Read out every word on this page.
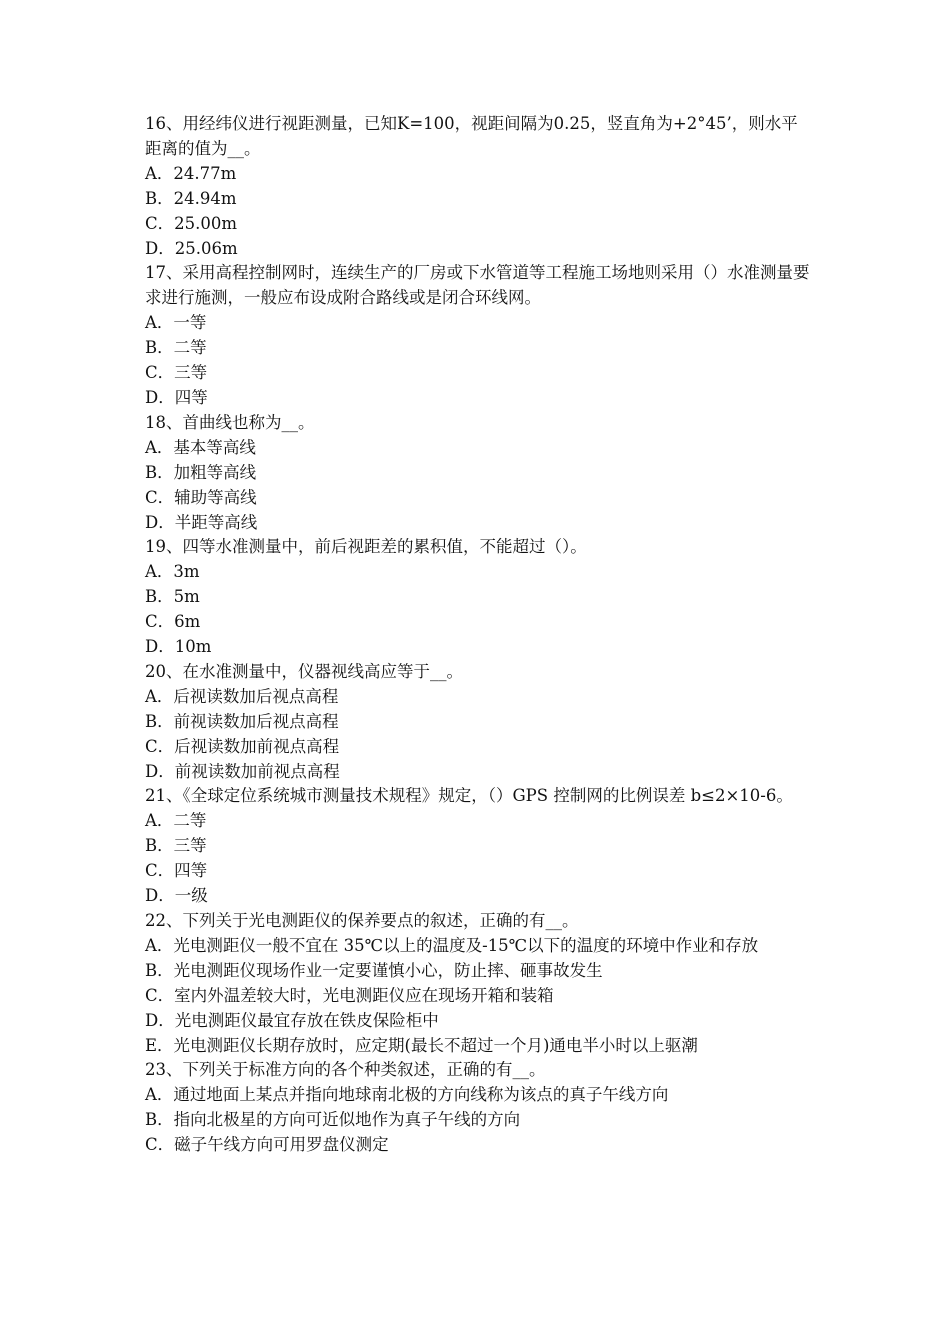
16、用经纬仪进行视距测量，已知K=100，视距间隔为0.25，竖直角为+2°45’，则水平距离的值为__。

A．24.77m

B．24.94m

C．25.00m

D．25.06m

17、采用高程控制网时，连续生产的厂房或下水管道等工程施工场地则采用（）水准测量要求进行施测，一般应布设成附合路线或是闭合环线网。

A．一等

B．二等

C．三等

D．四等

18、首曲线也称为__。

A．基本等高线

B．加粗等高线

C．辅助等高线

D．半距等高线

19、四等水准测量中，前后视距差的累积值，不能超过（）。

A．3m

B．5m

C．6m

D．10m

20、在水准测量中，仪器视线高应等于__。

A．后视读数加后视点高程

B．前视读数加后视点高程

C．后视读数加前视点高程

D．前视读数加前视点高程

21、《全球定位系统城市测量技术规程》规定，（）GPS 控制网的比例误差 b≤2×10-6。

A．二等

B．三等

C．四等

D．一级

22、下列关于光电测距仪的保养要点的叙述，正确的有__。

A．光电测距仪一般不宜在 35℃以上的温度及-15℃以下的温度的环境中作业和存放

B．光电测距仪现场作业一定要谨慎小心，防止摔、砸事故发生

C．室内外温差较大时，光电测距仪应在现场开箱和装箱

D．光电测距仪最宜存放在铁皮保险柜中

E．光电测距仪长期存放时，应定期(最长不超过一个月)通电半小时以上驱潮

23、下列关于标准方向的各个种类叙述，正确的有__。

A．通过地面上某点并指向地球南北极的方向线称为该点的真子午线方向

B．指向北极星的方向可近似地作为真子午线的方向

C．磁子午线方向可用罗盘仪测定
